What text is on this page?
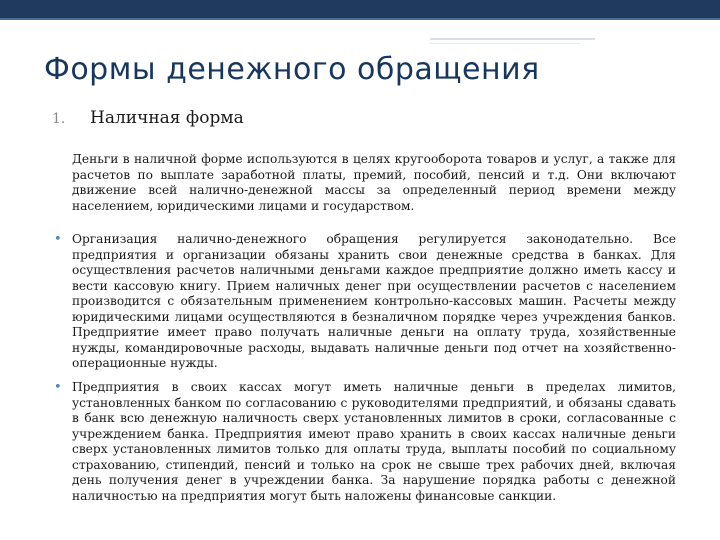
Формы денежного обращения
1.	Наличная форма
Деньги в наличной форме используются в целях кругооборота товаров и услуг, а также для расчетов по выплате заработной платы, премий, пособий, пенсий и т.д. Они включают движение всей налично-денежной массы за определенный период времени между населением, юридическими лицами и государством.
• Организация налично-денежного обращения регулируется законодательно. Все предприятия и организации обязаны хранить свои денежные средства в банках. Для осуществления расчетов наличными деньгами каждое предприятие должно иметь кассу и вести кассовую книгу. Прием наличных денег при осуществлении расчетов с населением производится с обязательным применением контрольно-кассовых машин. Расчеты между юридическими лицами осуществляются в безналичном порядке через учреждения банков. Предприятие имеет право получать наличные деньги на оплату труда, хозяйственные нужды, командировочные расходы, выдавать наличные деньги под отчет на хозяйственно-операционные нужды.
• Предприятия в своих кассах могут иметь наличные деньги в пределах лимитов, установленных банком по согласованию с руководителями предприятий, и обязаны сдавать в банк всю денежную наличность сверх установленных лимитов в сроки, согласованные с учреждением банка. Предприятия имеют право хранить в своих кассах наличные деньги сверх установленных лимитов только для оплаты труда, выплаты пособий по социальному страхованию, стипендий, пенсий и только на срок не свыше трех рабочих дней, включая день получения денег в учреждении банка. За нарушение порядка работы с денежной наличностью на предприятия могут быть наложены финансовые санкции.
